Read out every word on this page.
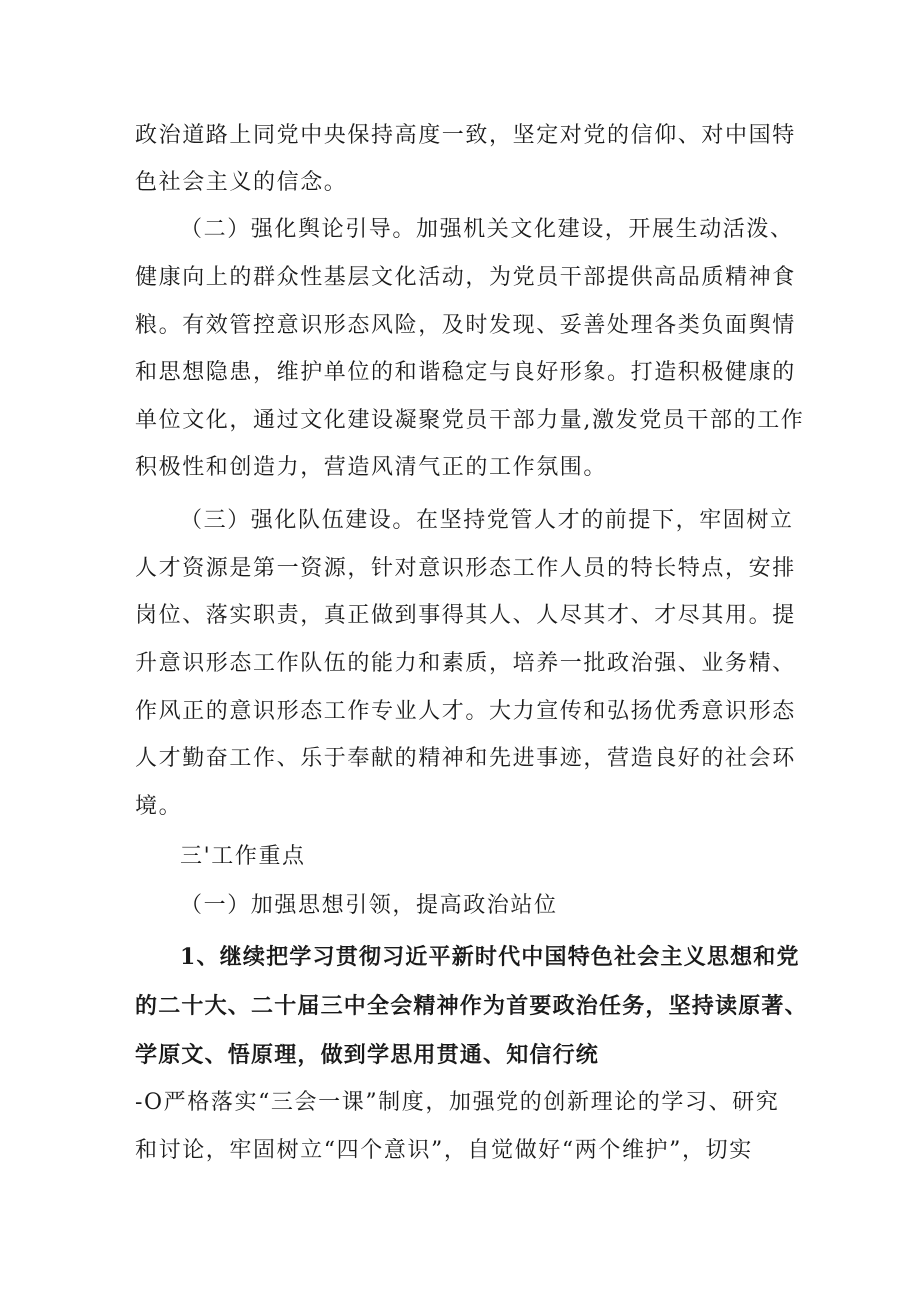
政治道路上同党中央保持高度一致，坚定对党的信仰、对中国特
色社会主义的信念。
（二）强化舆论引导。加强机关文化建设，开展生动活泼、
健康向上的群众性基层文化活动，为党员干部提供高品质精神食
粮。有效管控意识形态风险，及时发现、妥善处理各类负面舆情
和思想隐患，维护单位的和谐稳定与良好形象。打造积极健康的
单位文化，通过文化建设凝聚党员干部力量,激发党员干部的工作
积极性和创造力，营造风清气正的工作氛围。
（三）强化队伍建设。在坚持党管人才的前提下，牢固树立
人才资源是第一资源，针对意识形态工作人员的特长特点，安排
岗位、落实职责，真正做到事得其人、人尽其才、才尽其用。提
升意识形态工作队伍的能力和素质，培养一批政治强、业务精、
作风正的意识形态工作专业人才。大力宣传和弘扬优秀意识形态
人才勤奋工作、乐于奉献的精神和先进事迹，营造良好的社会环
境。
三'工作重点
（一）加强思想引领，提高政治站位
1、继续把学习贯彻习近平新时代中国特色社会主义思想和党
的二十大、二十届三中全会精神作为首要政治任务，坚持读原著、
学原文、悟原理，做到学思用贯通、知信行统
-O严格落实“三会一课”制度，加强党的创新理论的学习、研究
和讨论，牢固树立“四个意识”，自觉做好“两个维护”，切实
